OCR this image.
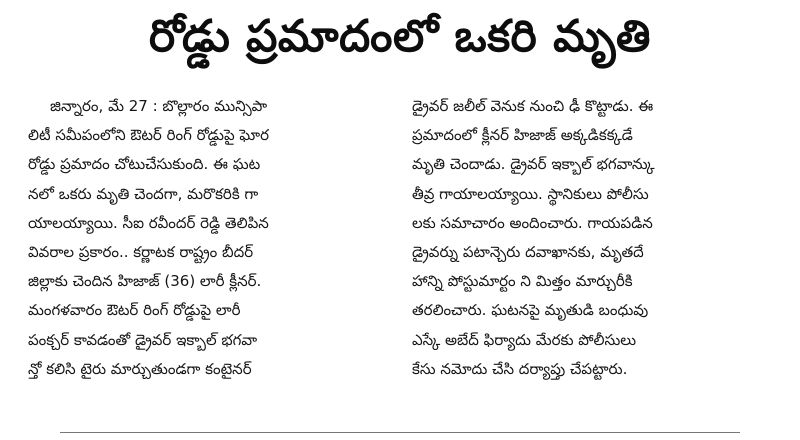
రోడ్డు ప్రమాదంలో ఒకరి మృతి
జిన్నారం, మే 27 : బొల్లారం మున్సిపా
లిటీ సమీపంలోని ఔటర్ రింగ్ రోడ్డుపై ఘోర
రోడ్డు ప్రమాదం చోటుచేసుకుంది. ఈ ఘట
నలో ఒకరు మృతి చెందగా, మరొకరికి గా
యాలయ్యాయి. సీఐ రవీందర్ రెడ్డి తెలిపిన
వివరాల ప్రకారం.. కర్ణాటక రాష్ట్రం బీదర్
జిల్లాకు చెందిన హిజాజ్ (36) లారీ క్లీనర్.
మంగళవారం ఔటర్ రింగ్ రోడ్డుపై లారీ
పంక్చర్ కావడంతో డ్రైవర్ ఇక్బాల్ భగవా
న్తో కలిసి టైరు మార్చుతుండగా కంటైనర్
డ్రైవర్ జలీల్ వెనుక నుంచి ఢీ కొట్టాడు. ఈ
ప్రమాదంలో క్లీనర్ హిజాజ్ అక్కడికక్కడే
మృతి చెందాడు. డ్రైవర్ ఇక్బాల్ భగవాన్కు
తీవ్ర గాయాలయ్యాయి. స్థానికులు పోలీసు
లకు సమాచారం అందించారు. గాయపడిన
డ్రైవర్ను పటాన్చెరు దవాఖానకు, మృతదే
హాన్ని పోస్టుమార్టం ని మిత్తం మార్చురీకి
తరలించారు. ఘటనపై మృతుడి బంధువు
ఎస్కే అబేద్ ఫిర్యాదు మేరకు పోలీసులు
కేసు నమోదు చేసి దర్యాప్తు చేపట్టారు.
